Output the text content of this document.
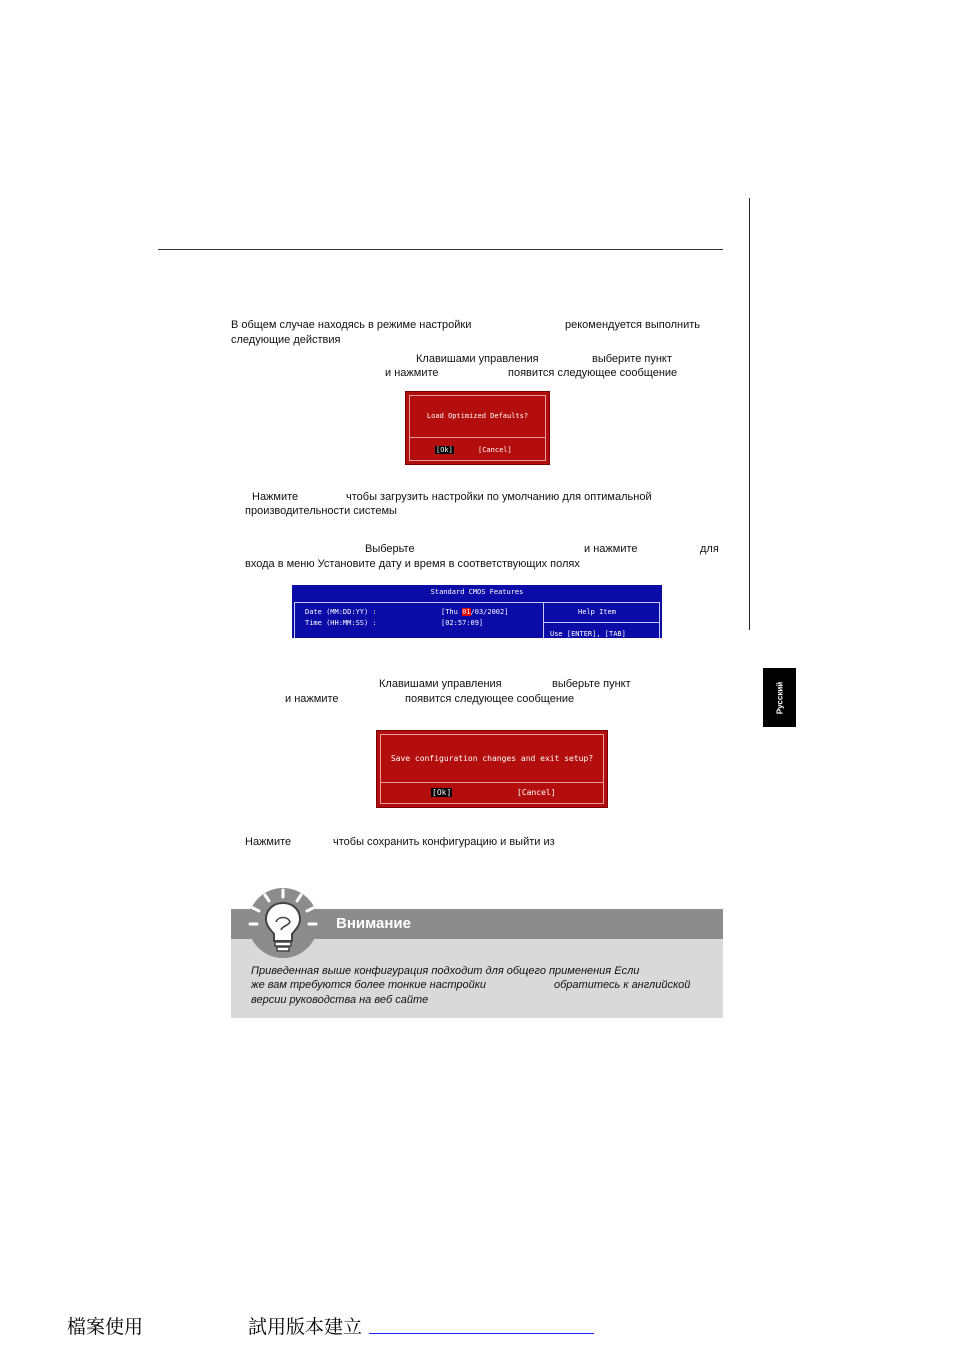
Русский
В общем случае находясь в режиме настройки	рекомендуется выполнить
следующие действия
Клавишами управления	выберите пункт
и нажмите	появится следующее сообщение
Load Optimized Defaults?
[Ok]	[Cancel]
Нажмите	чтобы загрузить настройки по умолчанию для оптимальной
производительности системы
Выберьте	и нажмите	для
входа в меню Установите дату и время в соответствующих полях
Standard CMOS Features
Date (MM:DD:YY) :	[Thu 01/03/2002]
Time (HH:MM:SS) :	[02:57:09]
Help Item
Use [ENTER], [TAB]
Клавишами управления	выберьте пункт
и нажмите	появится следующее сообщение
Save configuration changes and exit setup?
[Ok]	[Cancel]
Нажмите	чтобы сохранить конфигурацию и выйти из
Внимание
Приведенная выше конфигурация подходит для общего применения Если
же вам требуются более тонкие настройки	обратитесь к английской
версии руководства на веб сайте
檔案使用	試用版本建立
